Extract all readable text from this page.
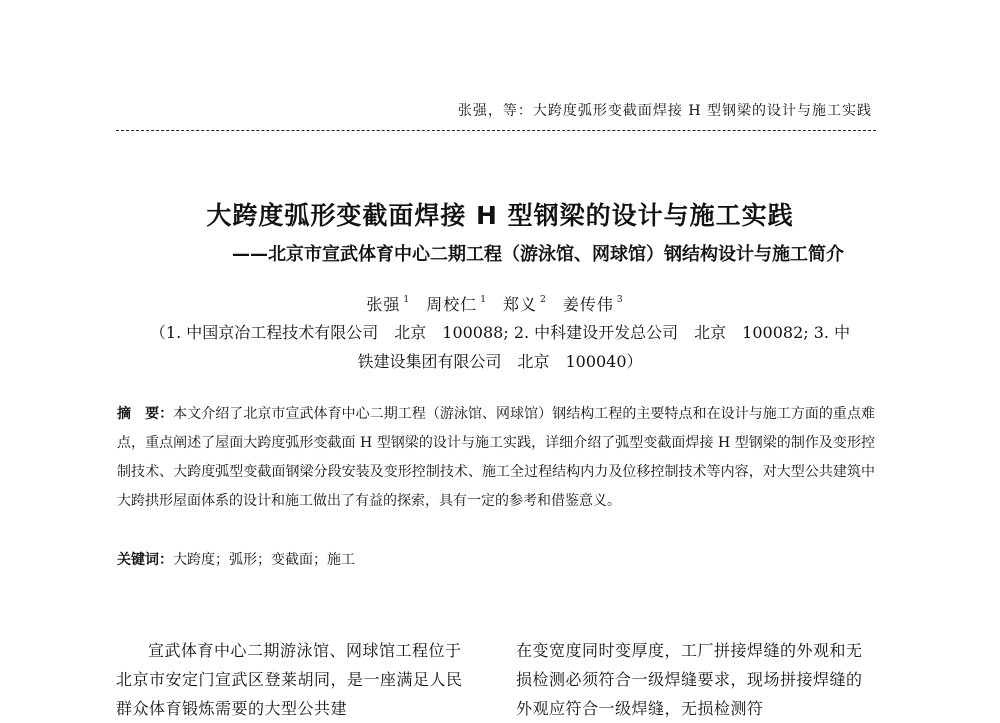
张强，等：大跨度弧形变截面焊接 H 型钢梁的设计与施工实践
大跨度弧形变截面焊接 H 型钢梁的设计与施工实践
——北京市宣武体育中心二期工程（游泳馆、网球馆）钢结构设计与施工简介
张强 $^1$ 周校仁 $^1$ 郑义 $^2$ 姜传伟 $^3$
（1. 中国京冶工程技术有限公司　北京　100088; 2. 中科建设开发总公司　北京　100082; 3. 中
铁建设集团有限公司　北京　100040）
摘　要：本文介绍了北京市宣武体育中心二期工程（游泳馆、网球馆）钢结构工程的主要特点和在设计与施工方面的重点难点，重点阐述了屋面大跨度弧形变截面 H 型钢梁的设计与施工实践，详细介绍了弧型变截面焊接 H 型钢梁的制作及变形控制技术、大跨度弧型变截面钢梁分段安装及变形控制技术、施工全过程结构内力及位移控制技术等内容，对大型公共建筑中大跨拱形屋面体系的设计和施工做出了有益的探索，具有一定的参考和借鉴意义。
关键词：大跨度；弧形；变截面；施工
宣武体育中心二期游泳馆、网球馆工程位于北京市安定门宣武区登莱胡同，是一座满足人民群众体育锻炼需要的大型公共建
在变宽度同时变厚度，工厂拼接焊缝的外观和无损检测必须符合一级焊缝要求，现场拼接焊缝的外观应符合一级焊缝，无损检测符
